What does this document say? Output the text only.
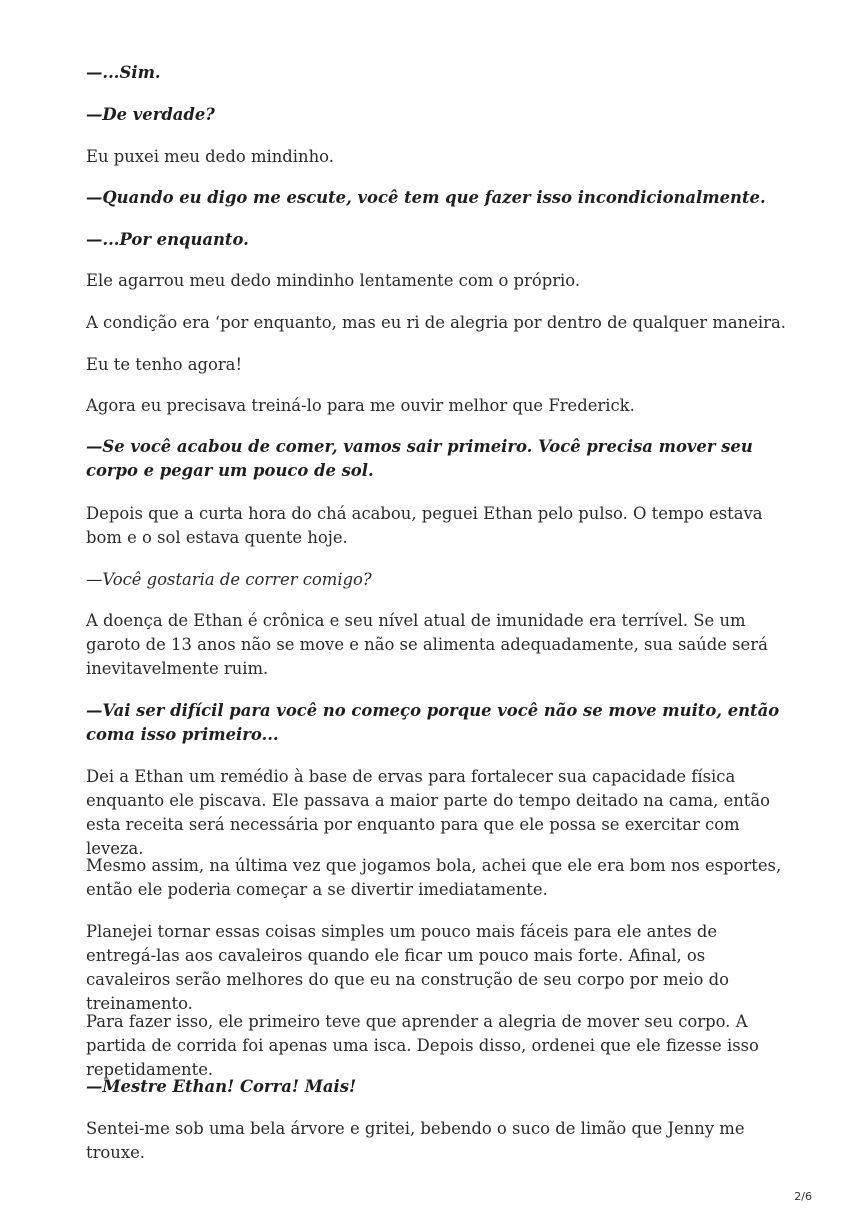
—...Sim.

—De verdade?

Eu puxei meu dedo mindinho.

—Quando eu digo me escute, você tem que fazer isso incondicionalmente.

—...Por enquanto.

Ele agarrou meu dedo mindinho lentamente com o próprio.

A condição era ‘por enquanto, mas eu ri de alegria por dentro de qualquer maneira.

Eu te tenho agora!

Agora eu precisava treiná-lo para me ouvir melhor que Frederick.

—Se você acabou de comer, vamos sair primeiro. Você precisa mover seu corpo e pegar um pouco de sol.

Depois que a curta hora do chá acabou, peguei Ethan pelo pulso. O tempo estava bom e o sol estava quente hoje.

—Você gostaria de correr comigo?

A doença de Ethan é crônica e seu nível atual de imunidade era terrível. Se um garoto de 13 anos não se move e não se alimenta adequadamente, sua saúde será inevitavelmente ruim.

—Vai ser difícil para você no começo porque você não se move muito, então coma isso primeiro...

Dei a Ethan um remédio à base de ervas para fortalecer sua capacidade física enquanto ele piscava. Ele passava a maior parte do tempo deitado na cama, então esta receita será necessária por enquanto para que ele possa se exercitar com leveza.

Mesmo assim, na última vez que jogamos bola, achei que ele era bom nos esportes, então ele poderia começar a se divertir imediatamente.

Planejei tornar essas coisas simples um pouco mais fáceis para ele antes de entregá-las aos cavaleiros quando ele ficar um pouco mais forte. Afinal, os cavaleiros serão melhores do que eu na construção de seu corpo por meio do treinamento.

Para fazer isso, ele primeiro teve que aprender a alegria de mover seu corpo. A partida de corrida foi apenas uma isca. Depois disso, ordenei que ele fizesse isso repetidamente.

—Mestre Ethan! Corra! Mais!

Sentei-me sob uma bela árvore e gritei, bebendo o suco de limão que Jenny me trouxe.

2/6
